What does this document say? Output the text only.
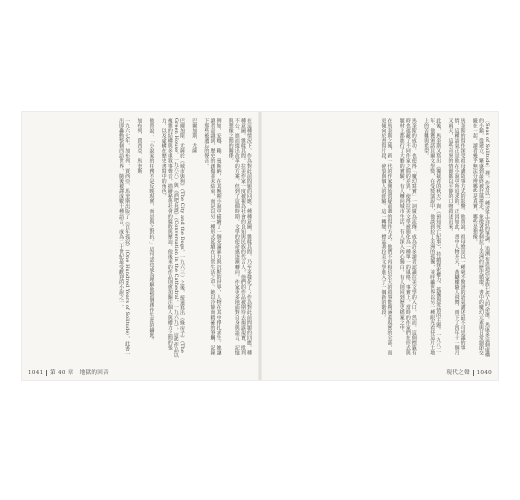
在這種情況下，作為對此前問題的回應，種種意圖，雜糅其間，乃至多樣化了；作為對此前問題的回應，種種意圖，雜糅其間。拉美作家一度被視為社會的良知與民族的代言人，他們的作品被期待去揭露現實、批判不公，進而提出改革的方案。但到了這個時期，文學的使命感逐漸轉向，作家更多地面對自身與語言、記憶與想像之間的關係。

例如，安娜．賴．曼斯納，在其晚期小說中描繪了一個充滿暴力與沉默的世界，人物在其中掙扎求生。她讓讀者意識到，歷史的創傷並未結束，而是以另一種形式延續在日常生活之中。她以冷靜而精確的筆觸，記錄下那些被遺忘的聲音。

巴爾加斯．尤薩

巴爾加斯．尤薩於《城市與狗》（The City and the Dogs，一九六三）之後，接連寫出《綠房子》（The Green House，一九六六）與《酒吧長談》（Conversation in the Cathedral，一九六九）。這些作品以複雜的結構與多重敘事聲音，描繪秘魯社會的腐敗與壓迫。他後來的作品則愈加關注個人與權力之間的張力，以及虛構在歷史書寫中的角色。

他曾說：「小說家的任務不是反映現實，而是與之對抗。」這句話也成為理解他整個創作生涯的鑰匙。

加布列．賈西亞．馬奎斯

一九六七年，加布列．賈西亞．馬奎斯出版了《百年孤寂》（One Hundred Years of Solitude），此書一出即轟動整個西語世界，隨後被譯成數十種語言，成為二十世紀最受歡迎的小說之一。
1041 第 40 章　地獄的回音
〔Seas of Solitude〕裡，作者以一種近乎史詩的筆調，追溯布恩迪亞家族七代人的命運。馬康多這個虛構的小鎮，從建立、繁盛到最終被狂風捲走，象徵著整個拉丁美洲的歷史循環。書中的魔幻元素與日常細節交織在一起，讀者幾乎無法分辨哪些是真實，哪些是想像。

馬奎斯的寫作深受祖母講故事方式的影響。他曾說，祖母總是以一種毫不驚訝的語氣講述最不可思議的事情，這種語氣正是他在小說中所追求的。正因如此，書中人物升天、黃蝴蝶隨人飛舞、雨下了四年十一個月又兩天，這些奇異的情節都以平靜的口吻敘述出來。

此後，馬奎斯又寫出《獨裁者的秋天》與《預知死亡紀事》，持續探索權力、孤獨與愛情的主題。一九八二年，他獲頒諾貝爾文學獎，在受獎演說中，他談到拉丁美洲的孤獨，並呼籲世界以另一種眼光看待這片土地上的苦難與希望。

馬奎斯的成功，也使得「魔幻寫實」一詞廣為流傳，成為許多讀者認識拉美文學的入口。然而，這個標籤有時也遮蔽了不同作家之間的差異，使得拉美文學被簡化為一種單一的風格。事實上，當時的作家們在形式與題材上都進行了大膽的實驗，有人轉向城市生活，有人深入內心獨白，有人則回到歷史檔案之中。

在馬奎斯之後，新一代的作家開始質疑前輩的寫作方式。他們不再相信宏大的敘事能夠涵蓋現實的全部，而更傾向於書寫片段、碎裂與個人的經驗。這一轉變，標誌著拉美文學進入了一個新的階段。
現代之聲 1040
